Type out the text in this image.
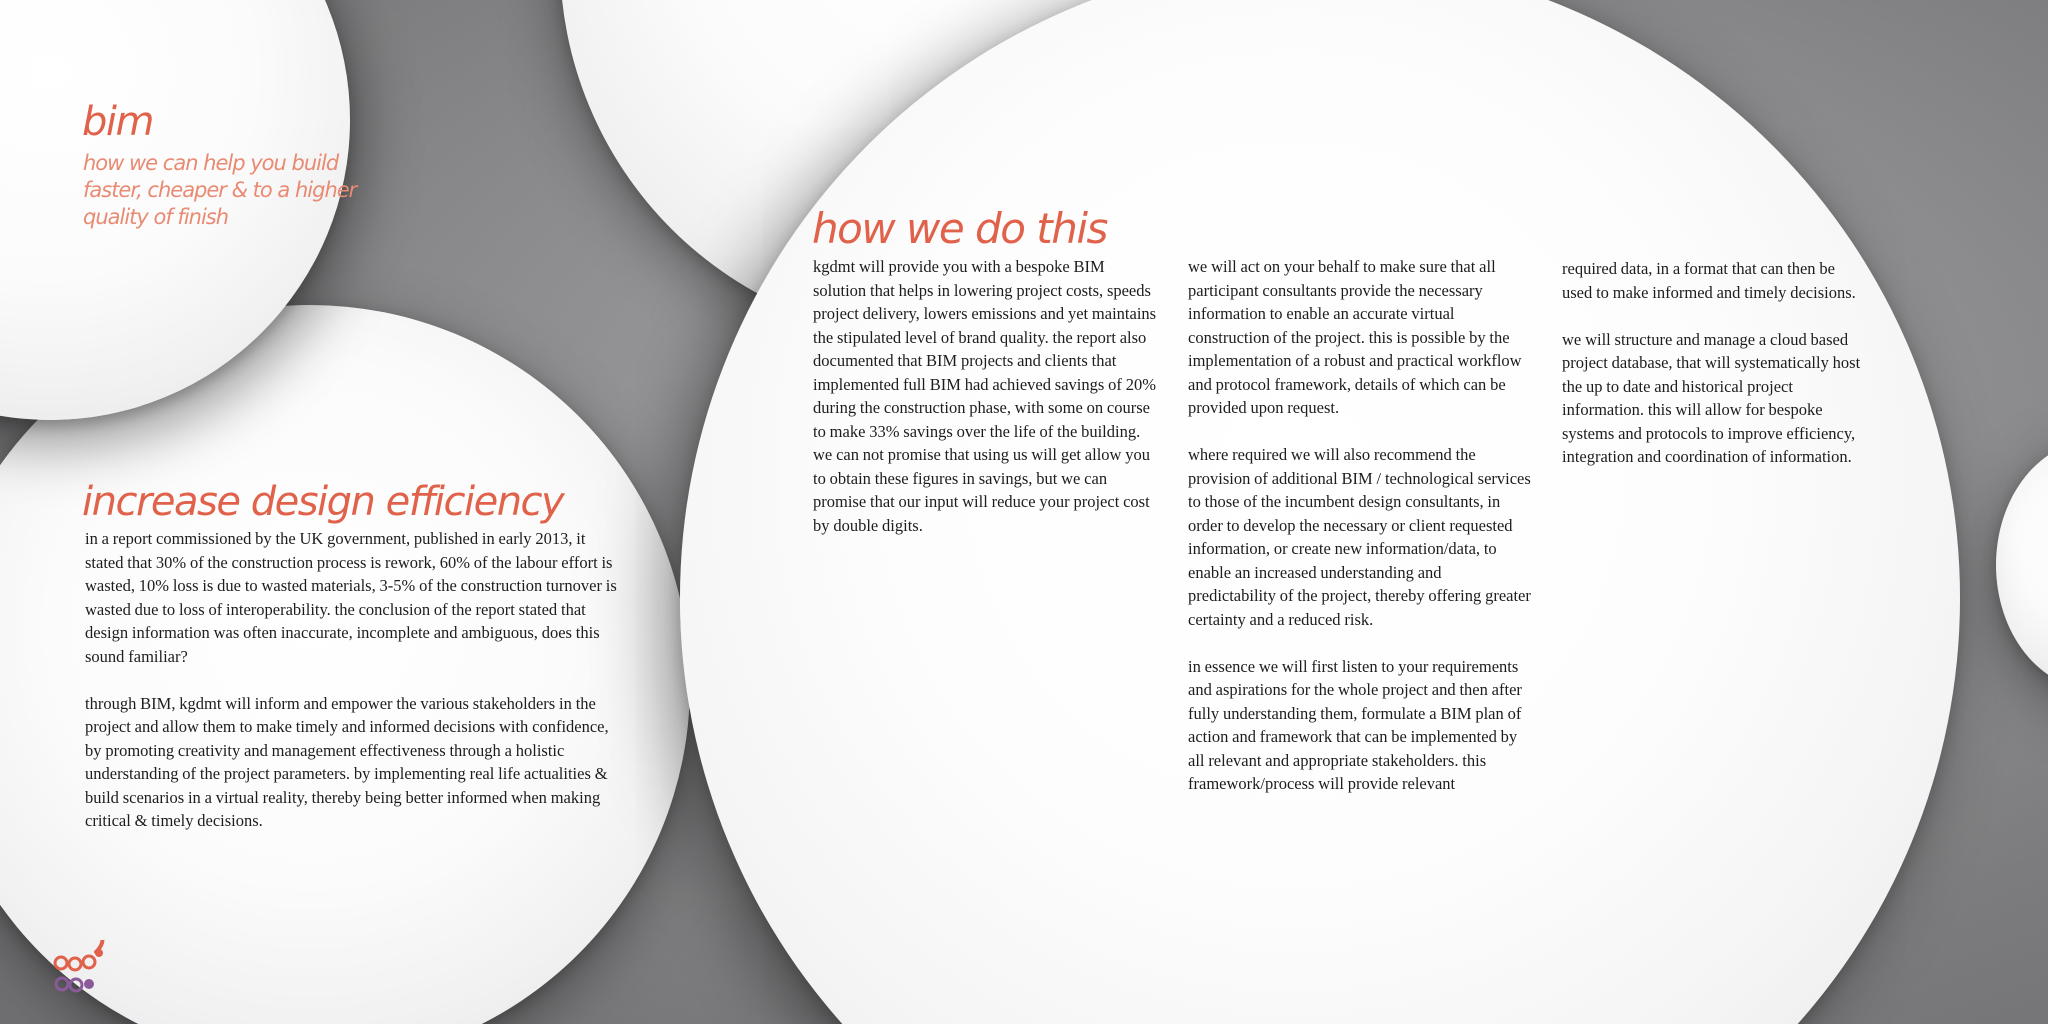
bim

how we can help you build faster, cheaper & to a higher quality of finish

increase design efficiency

in a report commissioned by the UK government, published in early 2013, it stated that 30% of the construction process is rework, 60% of the labour effort is wasted, 10% loss is due to wasted materials, 3-5% of the construction turnover is wasted due to loss of interoperability. the conclusion of the report stated that design information was often inaccurate, incomplete and ambiguous, does this sound familiar?

through BIM, kgdmt will inform and empower the various stakeholders in the project and allow them to make timely and informed decisions with confidence, by promoting creativity and management effectiveness through a holistic understanding of the project parameters. by implementing real life actualities & build scenarios in a virtual reality, thereby being better informed when making critical & timely decisions.

how we do this

kgdmt will provide you with a bespoke BIM solution that helps in lowering project costs, speeds project delivery, lowers emissions and yet maintains the stipulated level of brand quality. the report also documented that BIM projects and clients that implemented full BIM had achieved savings of 20% during the construction phase, with some on course to make 33% savings over the life of the building. we can not promise that using us will get allow you to obtain these figures in savings, but we can promise that our input will reduce your project cost by double digits.

we will act on your behalf to make sure that all participant consultants provide the necessary information to enable an accurate virtual construction of the project. this is possible by the implementation of a robust and practical workflow and protocol framework, details of which can be provided upon request.

where required we will also recommend the provision of additional BIM / technological services to those of the incumbent design consultants, in order to develop the necessary or client requested information, or create new information/data, to enable an increased understanding and predictability of the project, thereby offering greater certainty and a reduced risk.

in essence we will first listen to your requirements and aspirations for the whole project and then after fully understanding them, formulate a BIM plan of action and framework that can be implemented by all relevant and appropriate stakeholders. this framework/process will provide relevant

required data, in a format that can then be used to make informed and timely decisions.

we will structure and manage a cloud based project database, that will systematically host the up to date and historical project information. this will allow for bespoke systems and protocols to improve efficiency, integration and coordination of information.
